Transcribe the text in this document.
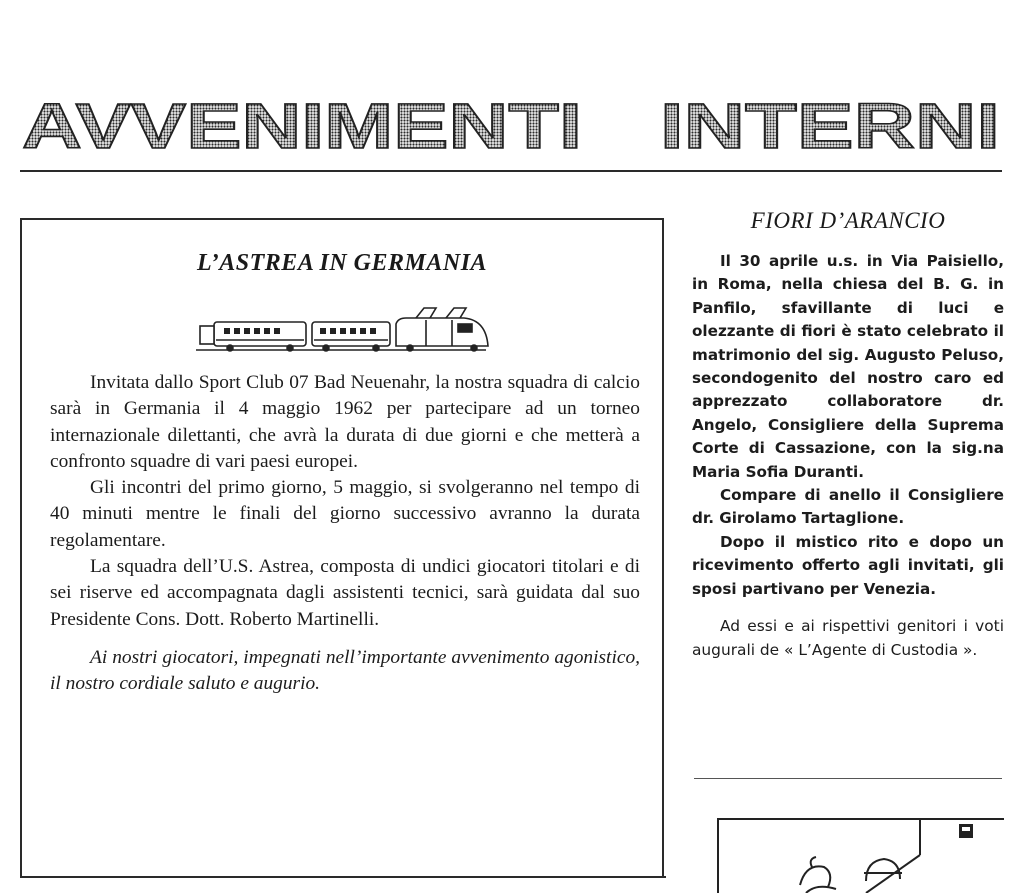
AVVENIMENTI INTERNI
L’ASTREA IN GERMANIA

Invitata dallo Sport Club 07 Bad Neuenahr, la nostra squadra di calcio sarà in Germania il 4 maggio 1962 per partecipare ad un torneo internazionale dilettanti, che avrà la durata di due giorni e che metterà a confronto squadre di vari paesi europei.

Gli incontri del primo giorno, 5 maggio, si svolgeranno nel tempo di 40 minuti mentre le finali del giorno successivo avranno la durata regolamentare.

La squadra dell’U.S. Astrea, composta di undici giocatori titolari e di sei riserve ed accompagnata dagli assistenti tecnici, sarà guidata dal suo Presidente Cons. Dott. Roberto Martinelli.

Ai nostri giocatori, impegnati nell’importante avvenimento agonistico, il nostro cordiale saluto e augurio.

FIORI D’ARANCIO

Il 30 aprile u.s. in Via Paisiello, in Roma, nella chiesa del B. G. in Panfilo, sfavillante di luci e olezzante di fiori è stato celebrato il matrimonio del sig. Augusto Peluso, secondogenito del nostro caro ed apprezzato collaboratore dr. Angelo, Consigliere della Suprema Corte di Cassazione, con la sig.na Maria Sofia Duranti.

Compare di anello il Consigliere dr. Girolamo Tartaglione.

Dopo il mistico rito e dopo un ricevimento offerto agli invitati, gli sposi partivano per Venezia.

Ad essi e ai rispettivi genitori i voti augurali de « L’Agente di Custodia ».
